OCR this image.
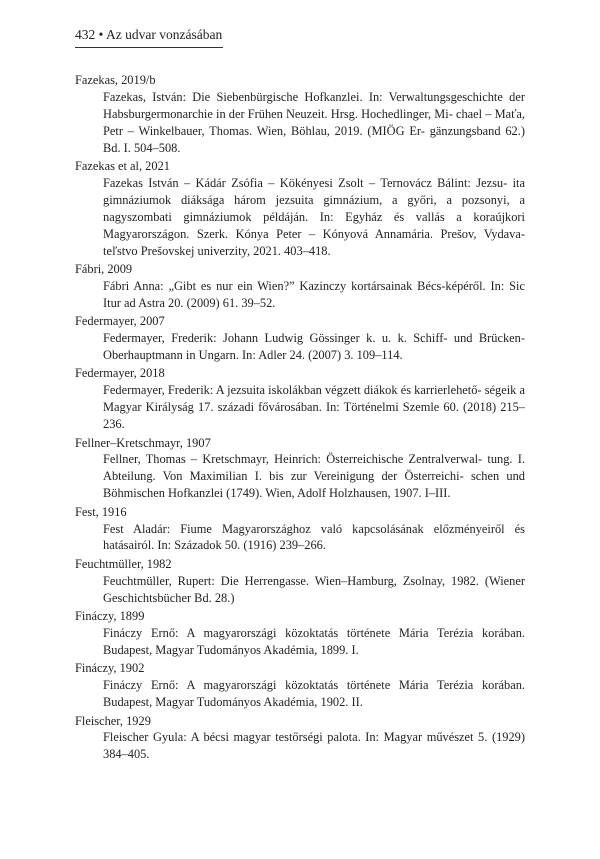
432 • Az udvar vonzásában
Fazekas, 2019/b
Fazekas, István: Die Siebenbürgische Hofkanzlei. In: Verwaltungsgeschichte der Habsburgermonarchie in der Frühen Neuzeit. Hrsg. Hochedlinger, Mi- chael – Maťa, Petr – Winkelbauer, Thomas. Wien, Böhlau, 2019. (MIÖG Er- gänzungsband 62.) Bd. I. 504–508.
Fazekas et al, 2021
Fazekas István – Kádár Zsófia – Kökényesi Zsolt – Ternovácz Bálint: Jezsu- ita gimnáziumok diáksága három jezsuita gimnázium, a győri, a pozsonyi, a nagyszombati gimnáziumok példáján. In: Egyház és vallás a koraújkori Magyarországon. Szerk. Kónya Peter – Kónyová Annamária. Prešov, Vydava- teľstvo Prešovskej univerzity, 2021. 403–418.
Fábri, 2009
Fábri Anna: „Gibt es nur ein Wien?” Kazinczy kortársainak Bécs-képéről. In: Sic Itur ad Astra 20. (2009) 61. 39–52.
Federmayer, 2007
Federmayer, Frederik: Johann Ludwig Gössinger k. u. k. Schiff- und Brücken- Oberhauptmann in Ungarn. In: Adler 24. (2007) 3. 109–114.
Federmayer, 2018
Federmayer, Frederik: A jezsuita iskolákban végzett diákok és karrierlehető- ségeik a Magyar Királyság 17. századi fővárosában. In: Történelmi Szemle 60. (2018) 215–236.
Fellner–Kretschmayr, 1907
Fellner, Thomas – Kretschmayr, Heinrich: Österreichische Zentralverwal- tung. I. Abteilung. Von Maximilian I. bis zur Vereinigung der Österreichi- schen und Böhmischen Hofkanzlei (1749). Wien, Adolf Holzhausen, 1907. I–III.
Fest, 1916
Fest Aladár: Fiume Magyarországhoz való kapcsolásának előzményeiről és hatásairól. In: Századok 50. (1916) 239–266.
Feuchtmüller, 1982
Feuchtmüller, Rupert: Die Herrengasse. Wien–Hamburg, Zsolnay, 1982. (Wiener Geschichtsbücher Bd. 28.)
Fináczy, 1899
Fináczy Ernő: A magyarországi közoktatás története Mária Terézia korában. Budapest, Magyar Tudományos Akadémia, 1899. I.
Fináczy, 1902
Fináczy Ernő: A magyarországi közoktatás története Mária Terézia korában. Budapest, Magyar Tudományos Akadémia, 1902. II.
Fleischer, 1929
Fleischer Gyula: A bécsi magyar testőrségi palota. In: Magyar művészet 5. (1929) 384–405.
